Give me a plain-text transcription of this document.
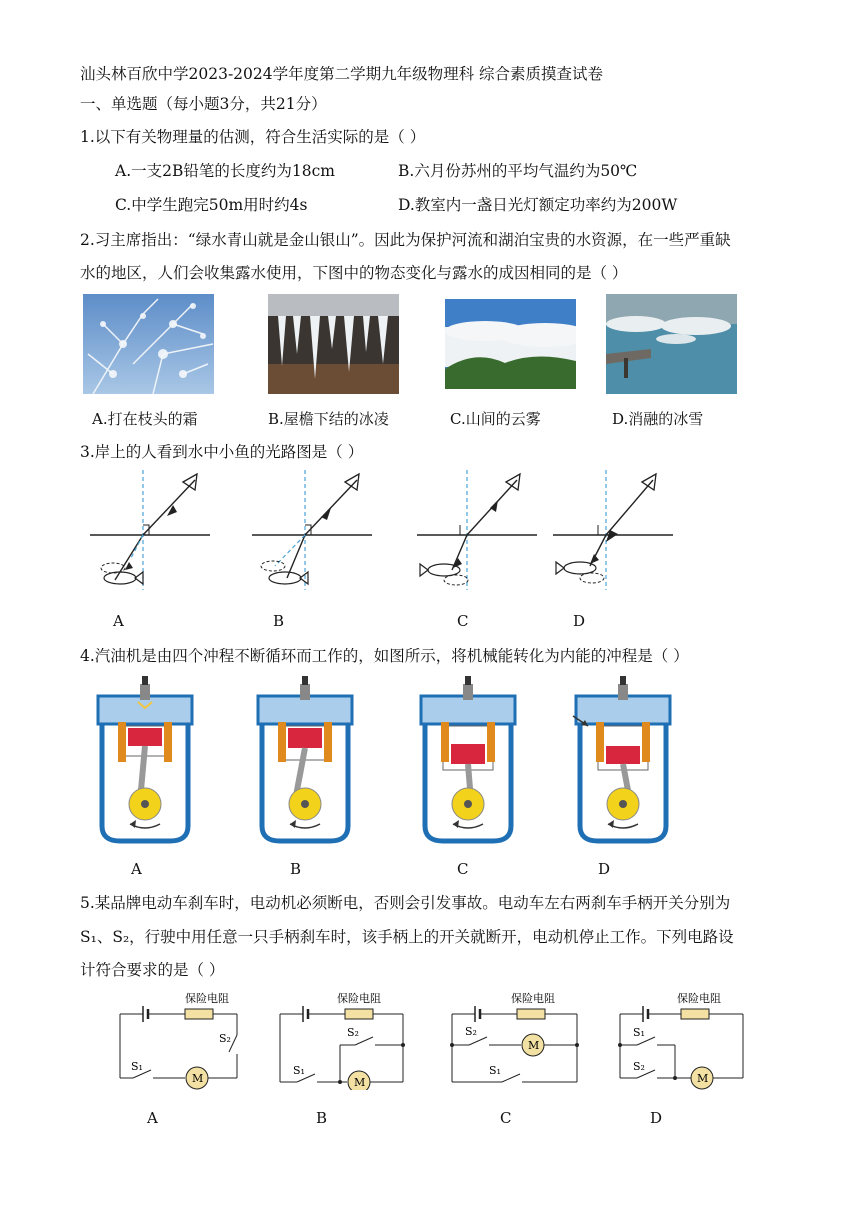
汕头林百欣中学2023-2024学年度第二学期九年级物理科 综合素质摸查试卷
一、单选题（每小题3分，共21分）
1.以下有关物理量的估测，符合生活实际的是（ ）
A.一支2B铅笔的长度约为18cm	B.六月份苏州的平均气温约为50℃
C.中学生跑完50m用时约4s	D.教室内一盏日光灯额定功率约为200W
2.习主席指出：“绿水青山就是金山银山”。因此为保护河流和湖泊宝贵的水资源，在一些严重缺
水的地区，人们会收集露水使用，下图中的物态变化与露水的成因相同的是（ ）
A.打在枝头的霜	B.屋檐下结的冰凌	C.山间的云雾	D.消融的冰雪
3.岸上的人看到水中小鱼的光路图是（ ）
A	B	C	D
4.汽油机是由四个冲程不断循环而工作的，如图所示，将机械能转化为内能的冲程是（ ）
A	B	C	D
5.某品牌电动车刹车时，电动机必须断电，否则会引发事故。电动车左右两刹车手柄开关分别为
S₁、S₂，行驶中用任意一只手柄刹车时，该手柄上的开关就断开，电动机停止工作。下列电路设
计符合要求的是（ ）
保险电阻
S₂
S₁
M
A
保险电阻
S₂
S₁
M
B
保险电阻
S₂
M
S₁
C
保险电阻
S₁
S₂
M
D
